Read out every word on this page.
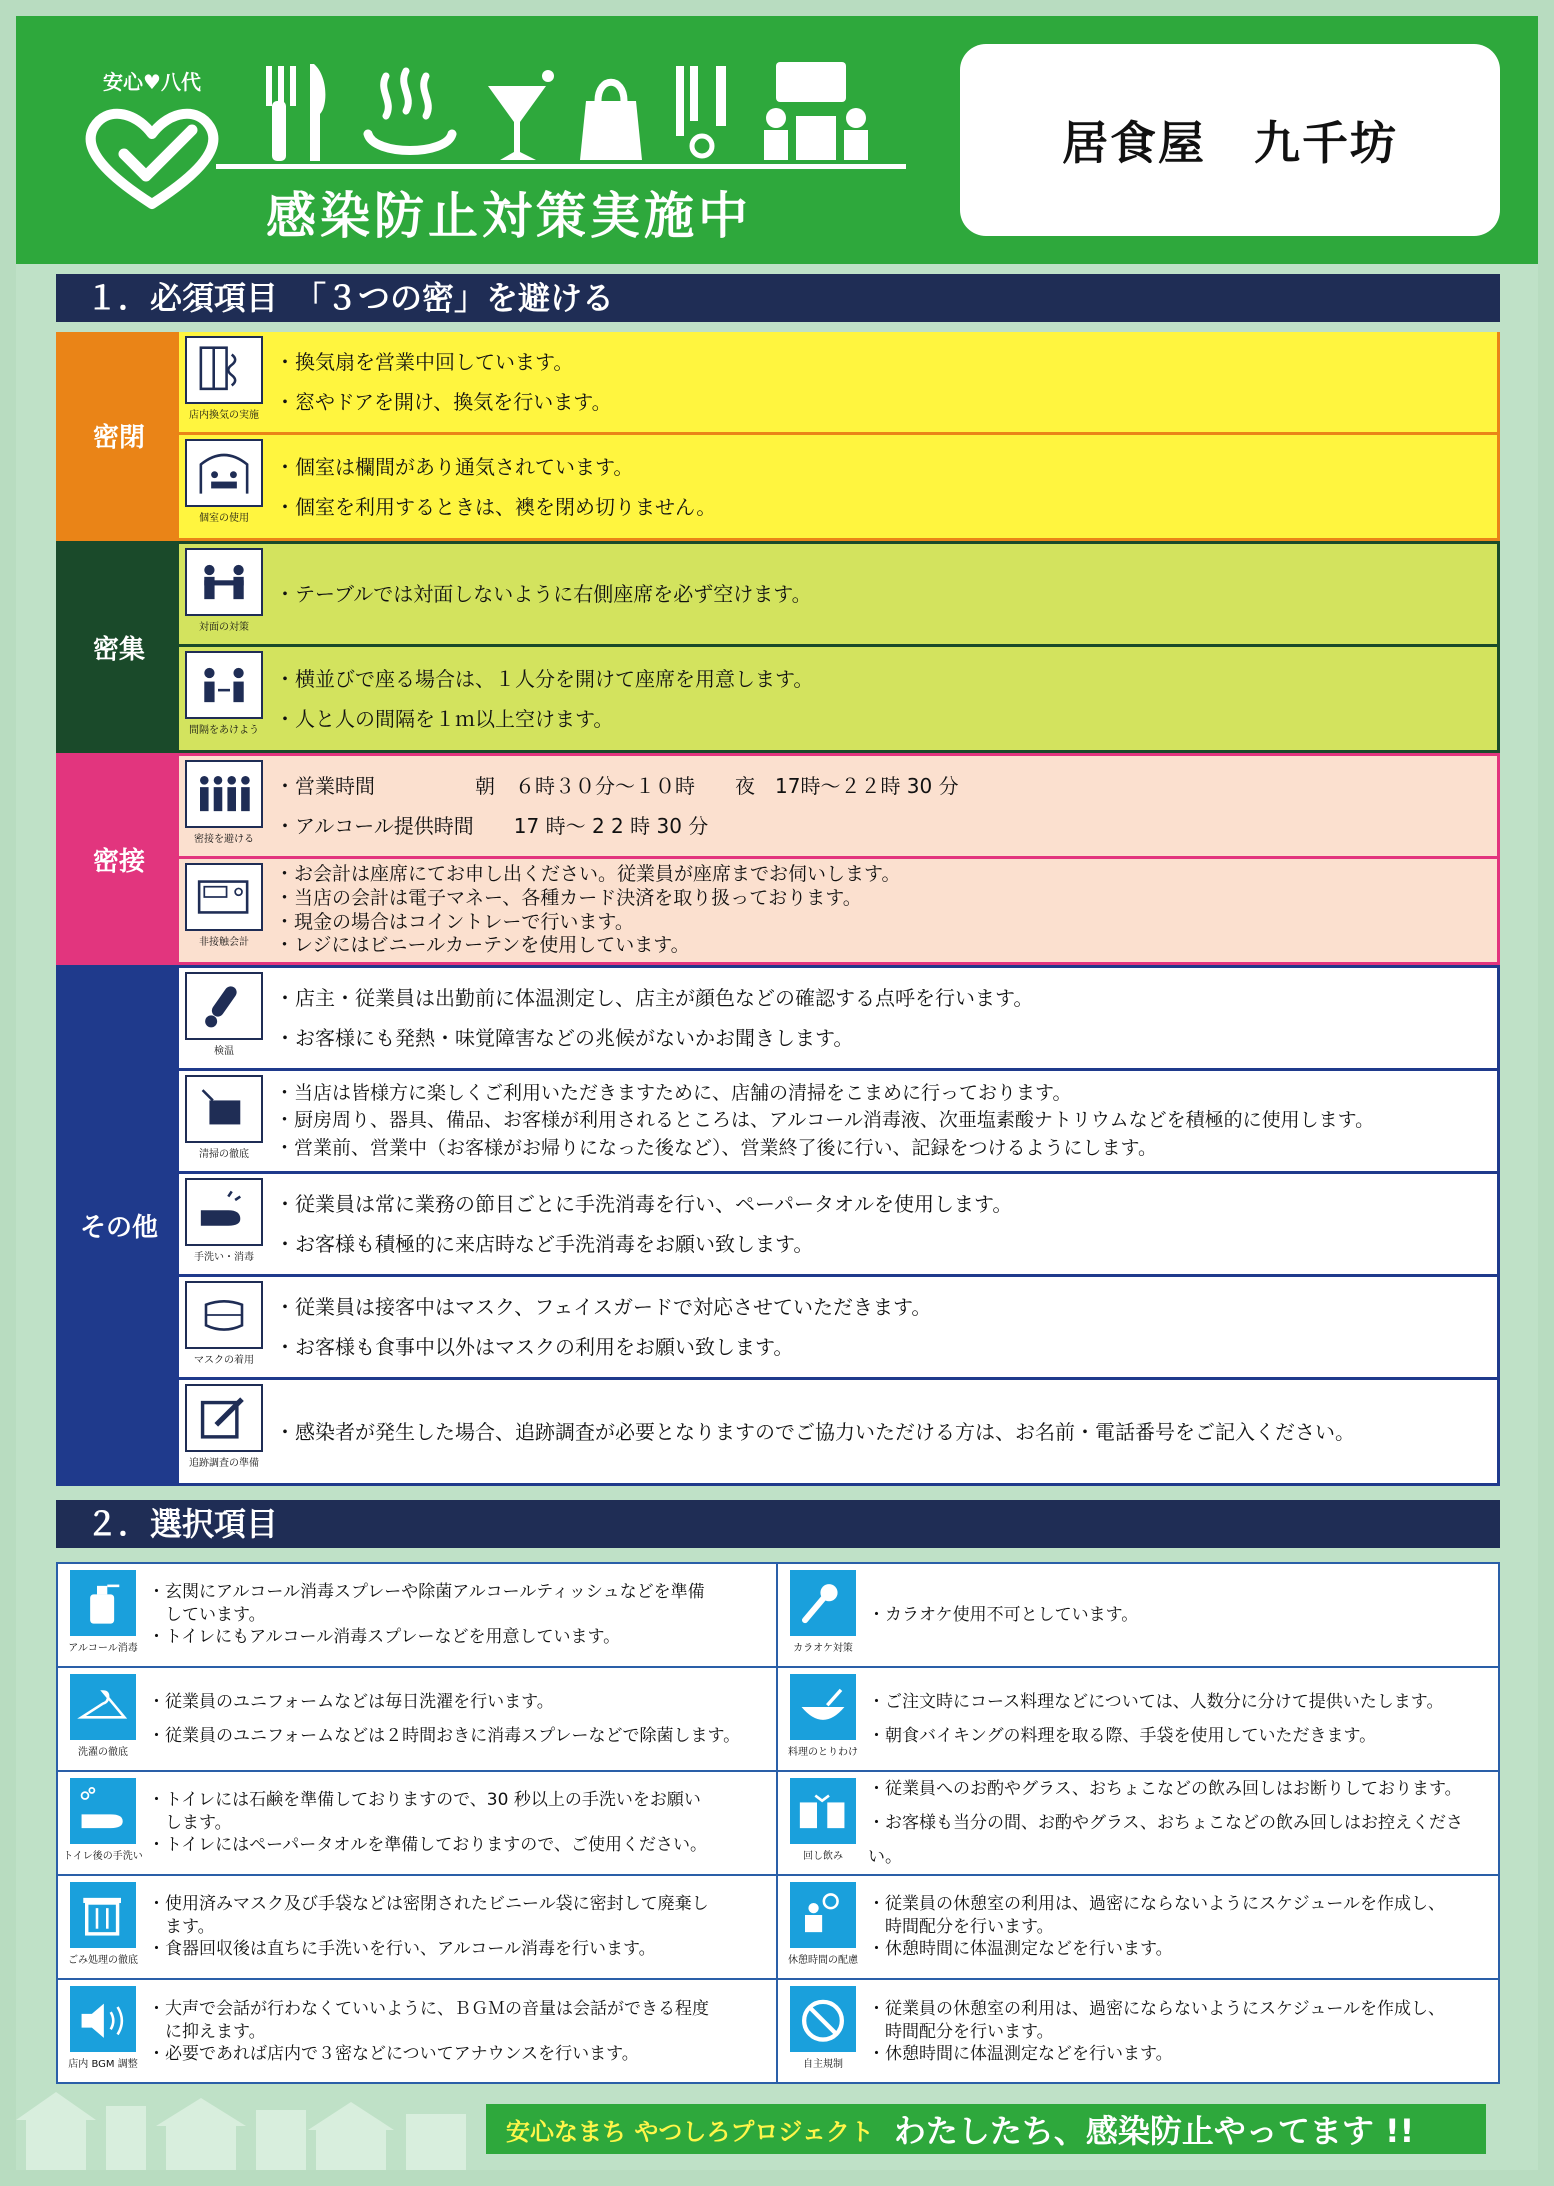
安心♥八代
感染防止対策実施中
居食屋　九千坊
１．必須項目　「３つの密」を避ける
密閉
店内換気の実施
・換気扇を営業中回しています。
・窓やドアを開け、換気を行います。
個室の使用
・個室は欄間があり通気されています。
・個室を利用するときは、襖を閉め切りません。
密集
対面の対策
・テーブルでは対面しないように右側座席を必ず空けます。
間隔をあけよう
・横並びで座る場合は、１人分を開けて座席を用意します。
・人と人の間隔を１ｍ以上空けます。
密接
密接を避ける
・営業時間　　　　　朝　６時３０分～１０時　　夜　17時～２２時 30 分
・アルコール提供時間　　17 時～ 2 2 時 30 分
非接触会計
・お会計は座席にてお申し出ください。従業員が座席までお伺いします。
・当店の会計は電子マネー、各種カード決済を取り扱っております。
・現金の場合はコイントレーで行います。
・レジにはビニールカーテンを使用しています。
その他
検温
・店主・従業員は出勤前に体温測定し、店主が顔色などの確認する点呼を行います。
・お客様にも発熱・味覚障害などの兆候がないかお聞きします。
清掃の徹底
・当店は皆様方に楽しくご利用いただきますために、店舗の清掃をこまめに行っております。
・厨房周り、器具、備品、お客様が利用されるところは、アルコール消毒液、次亜塩素酸ナトリウムなどを積極的に使用します。
・営業前、営業中（お客様がお帰りになった後など）、営業終了後に行い、記録をつけるようにします。
手洗い・消毒
・従業員は常に業務の節目ごとに手洗消毒を行い、ペーパータオルを使用します。
・お客様も積極的に来店時など手洗消毒をお願い致します。
マスクの着用
・従業員は接客中はマスク、フェイスガードで対応させていただきます。
・お客様も食事中以外はマスクの利用をお願い致します。
追跡調査の準備
・感染者が発生した場合、追跡調査が必要となりますのでご協力いただける方は、お名前・電話番号をご記入ください。
２．選択項目
アルコール消毒
・玄関にアルコール消毒スプレーや除菌アルコールティッシュなどを準備
　しています。
・トイレにもアルコール消毒スプレーなどを用意しています。
カラオケ対策
・カラオケ使用不可としています。
洗濯の徹底
・従業員のユニフォームなどは毎日洗濯を行います。
・従業員のユニフォームなどは２時間おきに消毒スプレーなどで除菌します。
料理のとりわけ
・ご注文時にコース料理などについては、人数分に分けて提供いたします。
・朝食バイキングの料理を取る際、手袋を使用していただきます。
トイレ後の手洗い
・トイレには石鹸を準備しておりますので、30 秒以上の手洗いをお願い
　します。
・トイレにはペーパータオルを準備しておりますので、ご使用ください。
回し飲み
・従業員へのお酌やグラス、おちょこなどの飲み回しはお断りしております。
・お客様も当分の間、お酌やグラス、おちょこなどの飲み回しはお控えください。
ごみ処理の徹底
・使用済みマスク及び手袋などは密閉されたビニール袋に密封して廃棄し
　ます。
・食器回収後は直ちに手洗いを行い、アルコール消毒を行います。
休憩時間の配慮
・従業員の休憩室の利用は、過密にならないようにスケジュールを作成し、
　時間配分を行います。
・休憩時間に体温測定などを行います。
店内 BGM 調整
・大声で会話が行わなくていいように、ＢＧＭの音量は会話ができる程度
　に抑えます。
・必要であれば店内で３密などについてアナウンスを行います。
自主規制
・従業員の休憩室の利用は、過密にならないようにスケジュールを作成し、
　時間配分を行います。
・休憩時間に体温測定などを行います。
安心なまち やつしろプロジェクト わたしたち、感染防止やってます !!
